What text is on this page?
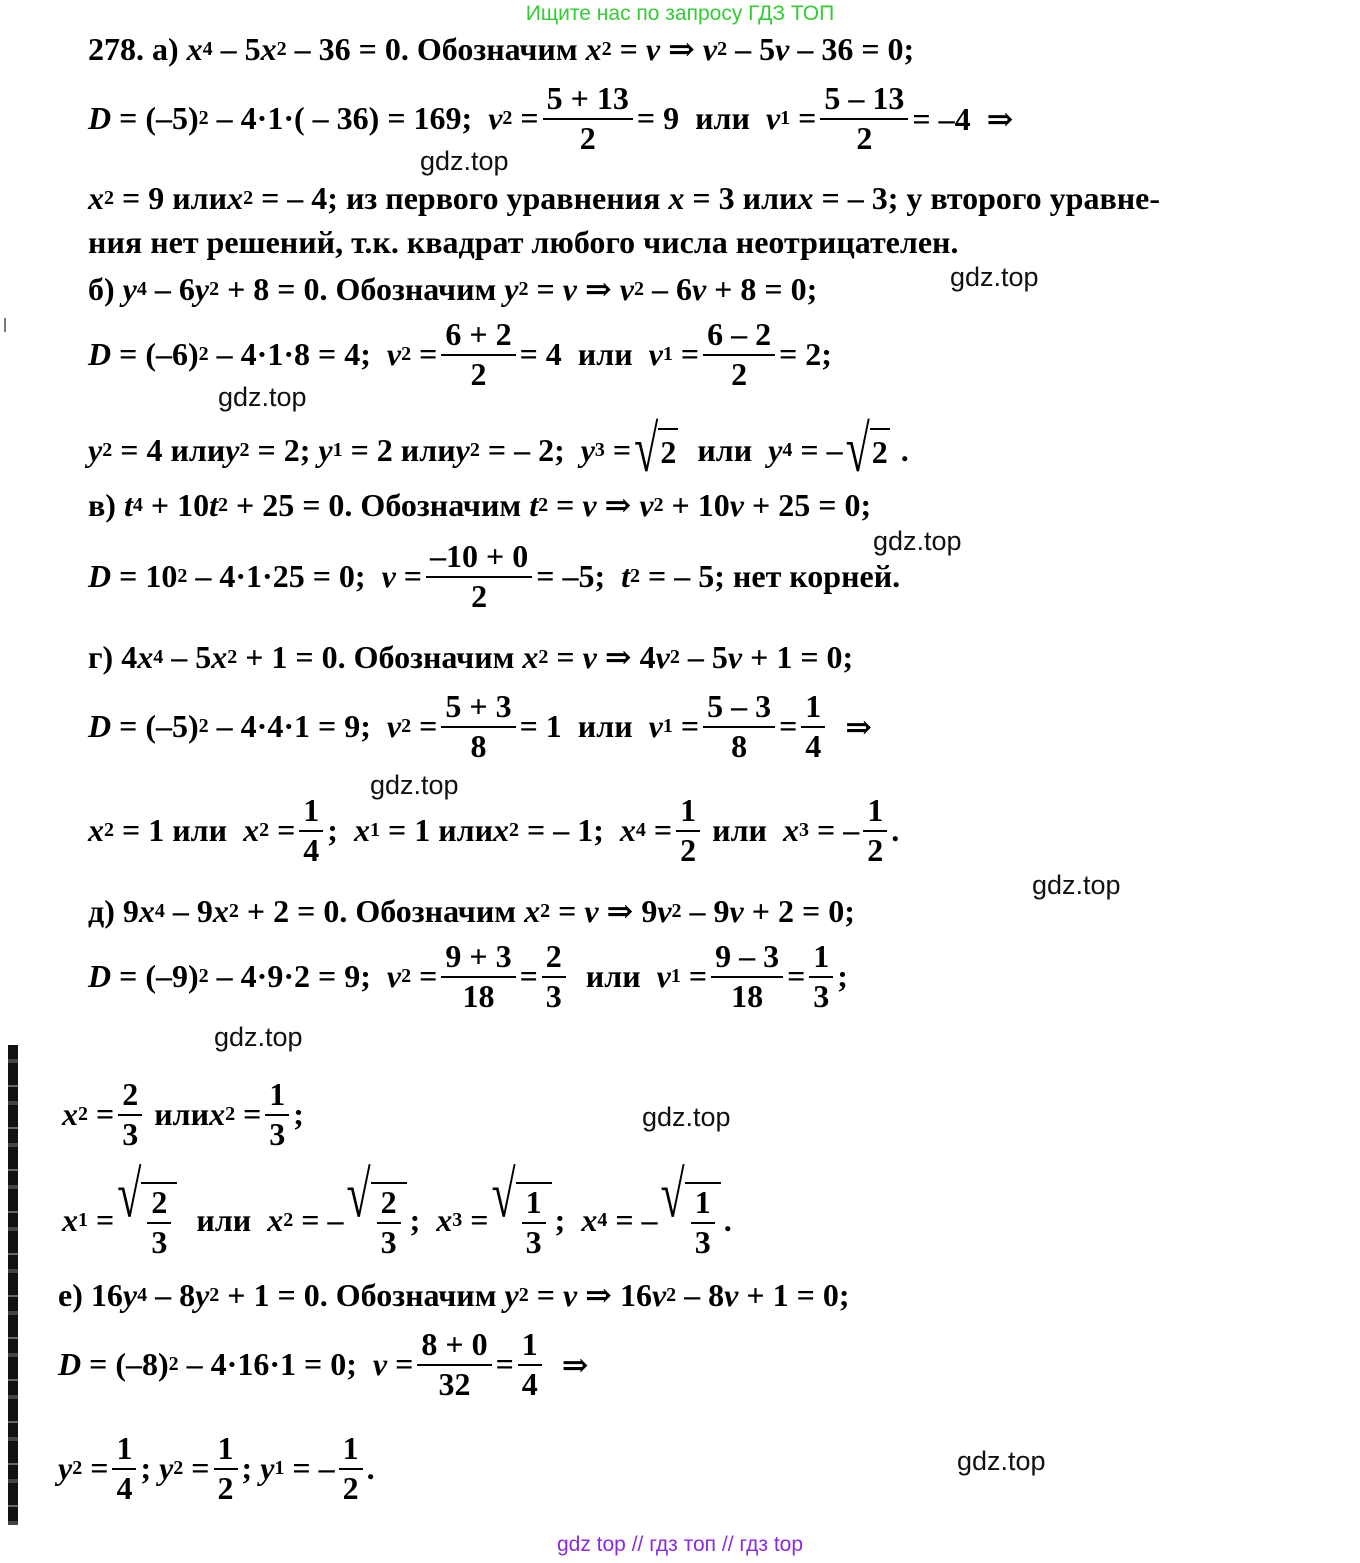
Ищите нас по запросу ГДЗ ТОП
gdz.top
gdz.top
gdz.top
gdz.top
gdz.top
gdz.top
gdz.top
gdz.top
gdz.top
278.
а)
x 4 – 5 x 2 – 36 = 0. Обозначим
x 2 = v ⇒ v 2 – 5 v – 36 = 0;
D = (–5) 2 – 4·1·( – 36) = 169; v $2 = \frac{5 + 13}{2} = 9$ или
v $1 = \frac{5 - 13}{2} = -4$  ⇒
x 2 = 9 или x 2 = – 4; из первого уравнения
x = 3 или x = – 3; у второго уравне-
ния нет решений, т.к. квадрат любого числа неотрицателен.
б)
y 4 – 6 y 2 + 8 = 0. Обозначим
y 2 = v ⇒ v 2 – 6 v + 8 = 0;
D = (–6) 2 – 4·1·8 = 4; v $2 = \frac{6 + 2}{2} = 4$ или
v $1 = \frac{6 - 2}{2} = 2$;
y 2 = 4 или y 2 = 2; y 1 = 2 или y 2 = – 2; y 3 = √ 2 или y 4 = – √ 2 .
в)
t 4 + 10 t 2 + 25 = 0. Обозначим
t 2 = v ⇒ v 2 + 10 v + 25 = 0;
D = 10 2 – 4·1·25 = 0; $v = \frac{-10 + 0}{2} = -5$; t 2 = – 5; нет корней.
г) 4 x 4 – 5 x 2 + 1 = 0. Обозначим
x 2 = v ⇒ 4 v 2 – 5 v + 1 = 0;
D = (–5) 2 – 4·4·1 = 9; v $2 = \frac{5 + 3}{8} = 1$ или
v $1 = \frac{5 - 3}{8} = \frac{1}{4}$ ⇒
x 2 = 1 или x $2 = \frac{1}{4}$ ; x 1 = 1 или x 2 = – 1; x $4 = \frac{1}{2}$ или x 3 = – $\frac{1}{2}$ .
д) 9 x 4 – 9 x 2 + 2 = 0. Обозначим
x 2 = v ⇒ 9 v 2 – 9 v + 2 = 0;
D = (–9) 2 – 4·9·2 = 9; v $2 = \frac{9 + 3}{18} = \frac{2}{3}$
или
v $1 = \frac{9 - 3}{18} = \frac{1}{3}$ ;
x $2 = \frac{2}{3}$ или x $2 = \frac{1}{3}$ ;
x 1 = √ $\frac{2}{3}$ или x 2 = – √ $\frac{2}{3}$ ; x 3 = √ $\frac{1}{3}$ ; x 4 = – √ $\frac{1}{3}$ .
е) 16 y 4 – 8 y 2 + 1 = 0. Обозначим
y 2 = v ⇒ 16 v 2 – 8 v + 1 = 0;
D = (–8) 2 – 4·16·1 = 0; $v = \frac{8 + 0}{32} = \frac{1}{4}$ ⇒
y $2 = \frac{1}{4}$ ; y $2 = \frac{1}{2}$ ; y 1 = – $\frac{1}{2}$ .
gdz top // гдз топ // гдз top
